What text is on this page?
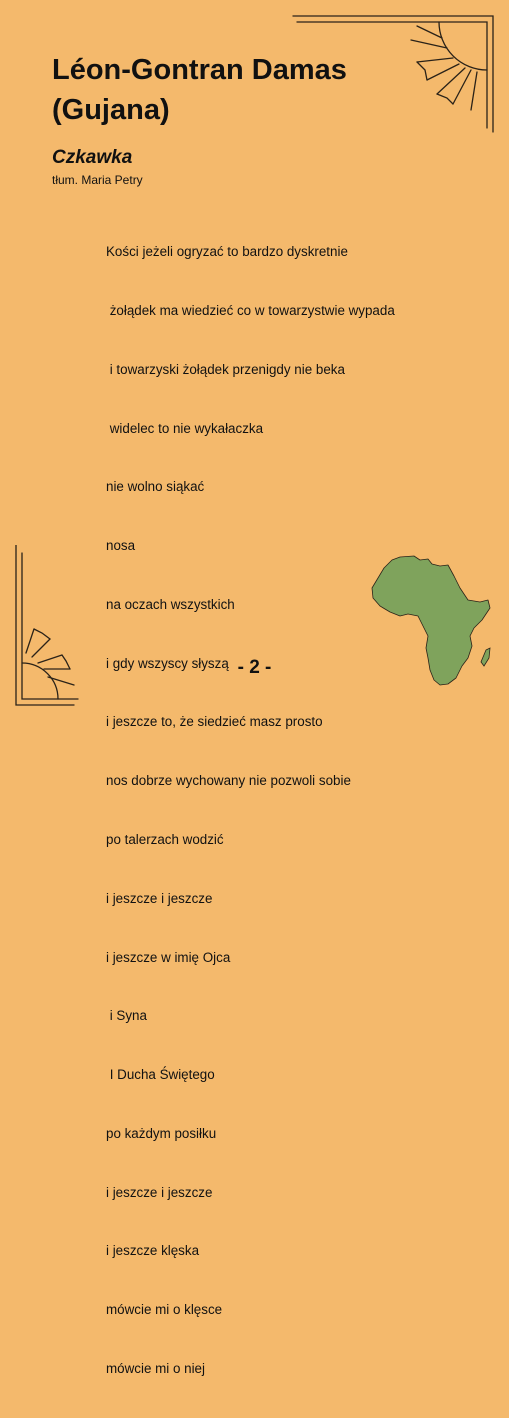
Léon-Gontran Damas (Gujana)
Czkawka

tłum. Maria Petry

Kości jeżeli ogryzać to bardzo dyskretnie

żołądek ma wiedzieć co w towarzystwie wypada

i towarzyski żołądek przenigdy nie beka

widelec to nie wykałaczka

nie wolno siąkać

nosa

na oczach wszystkich

i gdy wszyscy słyszą

i jeszcze to, że siedzieć masz prosto

nos dobrze wychowany nie pozwoli sobie

po talerzach wodzić

i jeszcze i jeszcze

i jeszcze w imię Ojca

i Syna

I Ducha Świętego

po każdym posiłku

i jeszcze i jeszcze

i jeszcze klęska

mówcie mi o klęsce

mówcie mi o niej

- 2 -
